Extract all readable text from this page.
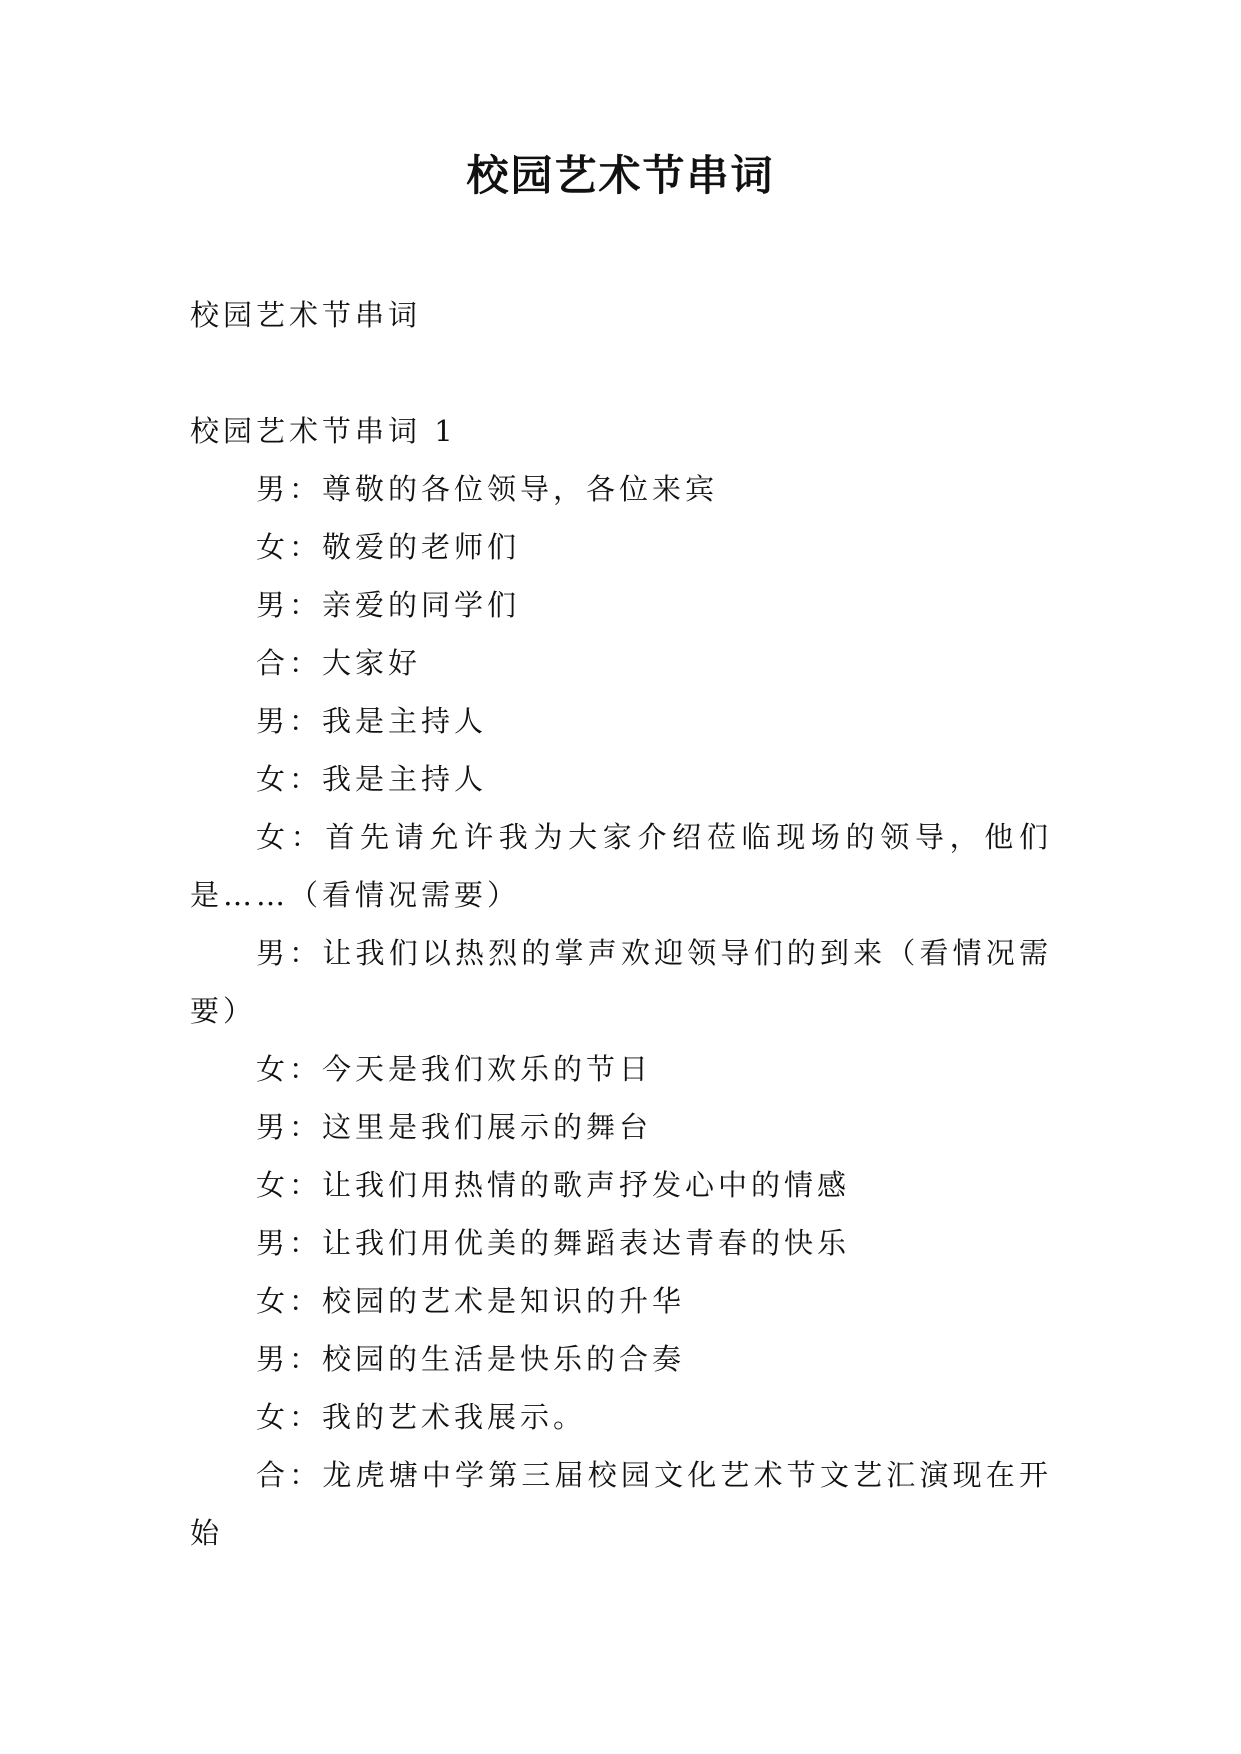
校园艺术节串词

校园艺术节串词

校园艺术节串词 1

男：尊敬的各位领导，各位来宾

女：敬爱的老师们

男：亲爱的同学们

合：大家好

男：我是主持人

女：我是主持人

女：首先请允许我为大家介绍莅临现场的领导，他们是……（看情况需要）

男：让我们以热烈的掌声欢迎领导们的到来（看情况需要）

女：今天是我们欢乐的节日

男：这里是我们展示的舞台

女：让我们用热情的歌声抒发心中的情感

男：让我们用优美的舞蹈表达青春的快乐

女：校园的艺术是知识的升华

男：校园的生活是快乐的合奏

女：我的艺术我展示。

合：龙虎塘中学第三届校园文化艺术节文艺汇演现在开始
